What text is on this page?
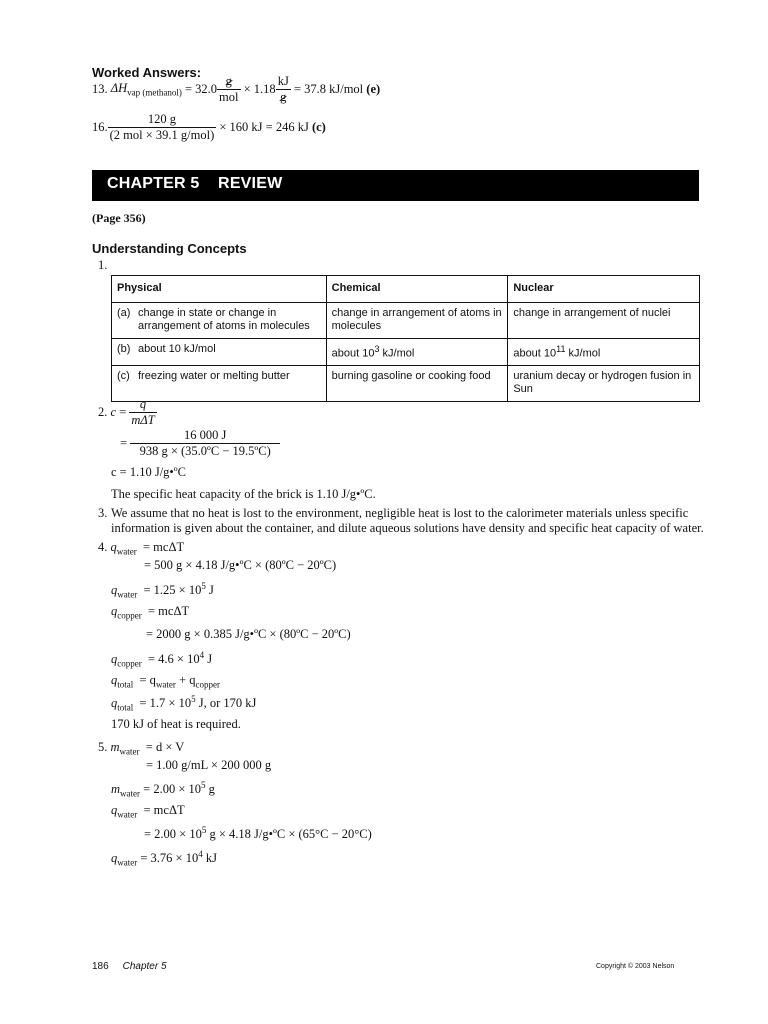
Worked Answers:
13.
$\Delta H_{vap (methanol)}$
=
$32.0 \frac{g}{\text{mol}}$
× $1.18 \frac{kJ}{g}$
= 37.8 kJ/mol
(e)
16. $\frac{120 g}{\text{(2 mol × 39.1 g/mol)}}$
× 160 kJ = 246 kJ
(c)
CHAPTER 5    REVIEW
(Page 356)
Understanding Concepts
1.
Physical	Chemical	Nuclear

(a) change in state or change in arrangement of atoms in molecules	change in arrangement of atoms in molecules	change in arrangement of nuclei

(b) about 10 kJ/mol	about $10^3$ kJ/mol	about $10^{11}$ kJ/mol

(c) freezing water or melting butter	burning gasoline or cooking food	uranium decay or hydrogen fusion in Sun
2.
c
=
$\frac{q}{\text{mΔT}}$
=
$\frac{16 000 J}{\text{938 g × (35.0ºC − 19.5ºC)}}$
c = 1.10 J/g•ºC
The specific heat capacity of the brick is 1.10 J/g•ºC.
3. We assume that no heat is lost to the environment, negligible heat is lost to the calorimeter materials unless specific information is given about the container, and dilute aqueous solutions have density and specific heat capacity of water.
4. $q_{water} = mc\Delta T$
= 500 g × 4.18 J/g•ºC × (80ºC − 20ºC)
$q_{water} = 1.25 \times 10^5$ J
$q_{copper} = mc\Delta T$
= 2000 g × 0.385 J/g•ºC × (80ºC − 20ºC)
$q_{copper} = 4.6 \times 10^4$ J
$q_{total} = q_{water} + q_{copper}$
$q_{total} = 1.7 \times 10^5$ J, or 170 kJ
170 kJ of heat is required.
5. $m_{water} = d \times V$
= 1.00 g/mL × 200 000 g
$m_{water} = 2.00 \times 10^5$ g
$q_{water} = mc\Delta T$
= $2.00 \times 10^5$ g × 4.18 J/g•ºC × (65°C − 20°C)
$q_{water} = 3.76 \times 10^4$ kJ
186 Chapter 5	Copyright © 2003 Nelson
